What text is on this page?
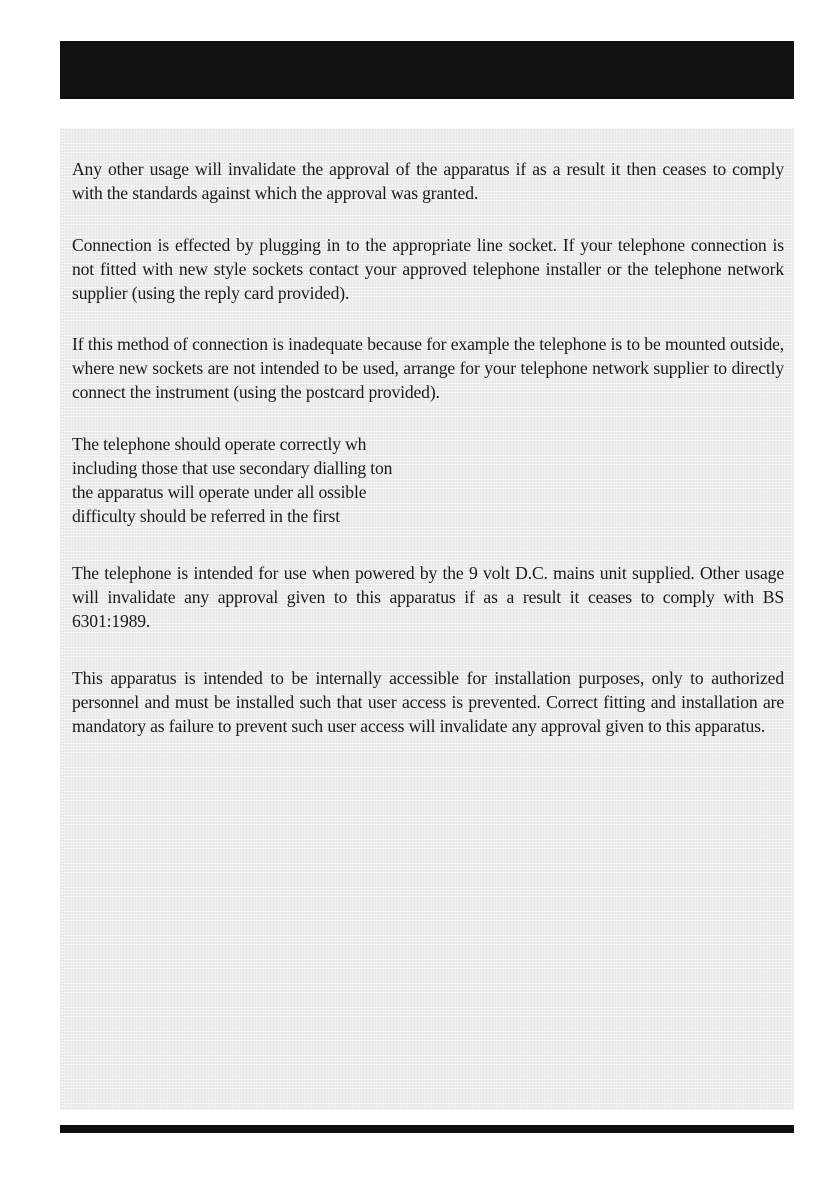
Any other usage will invalidate the approval of the apparatus if as a result it then ceases to comply with the standards against which the approval was granted.

Connection is effected by plugging in to the appropriate line socket. If your telephone connection is not fitted with new style sockets contact your approved telephone installer or the telephone network supplier (using the reply card provided).

If this method of connection is inadequate because for example the telephone is to be mounted outside, where new sockets are not intended to be used, arrange for your telephone network supplier to directly connect the instrument (using the postcard provided).

The telephone should operate correctly wh
including those that use secondary dialling ton
the apparatus will operate under all ossible
difficulty should be referred in the first

The telephone is intended for use when powered by the 9 volt D.C. mains unit supplied. Other usage will invalidate any approval given to this apparatus if as a result it ceases to comply with BS 6301:1989.

This apparatus is intended to be internally accessible for installation purposes, only to authorized personnel and must be installed such that user access is prevented. Correct fitting and installation are mandatory as failure to prevent such user access will invalidate any approval given to this apparatus.
